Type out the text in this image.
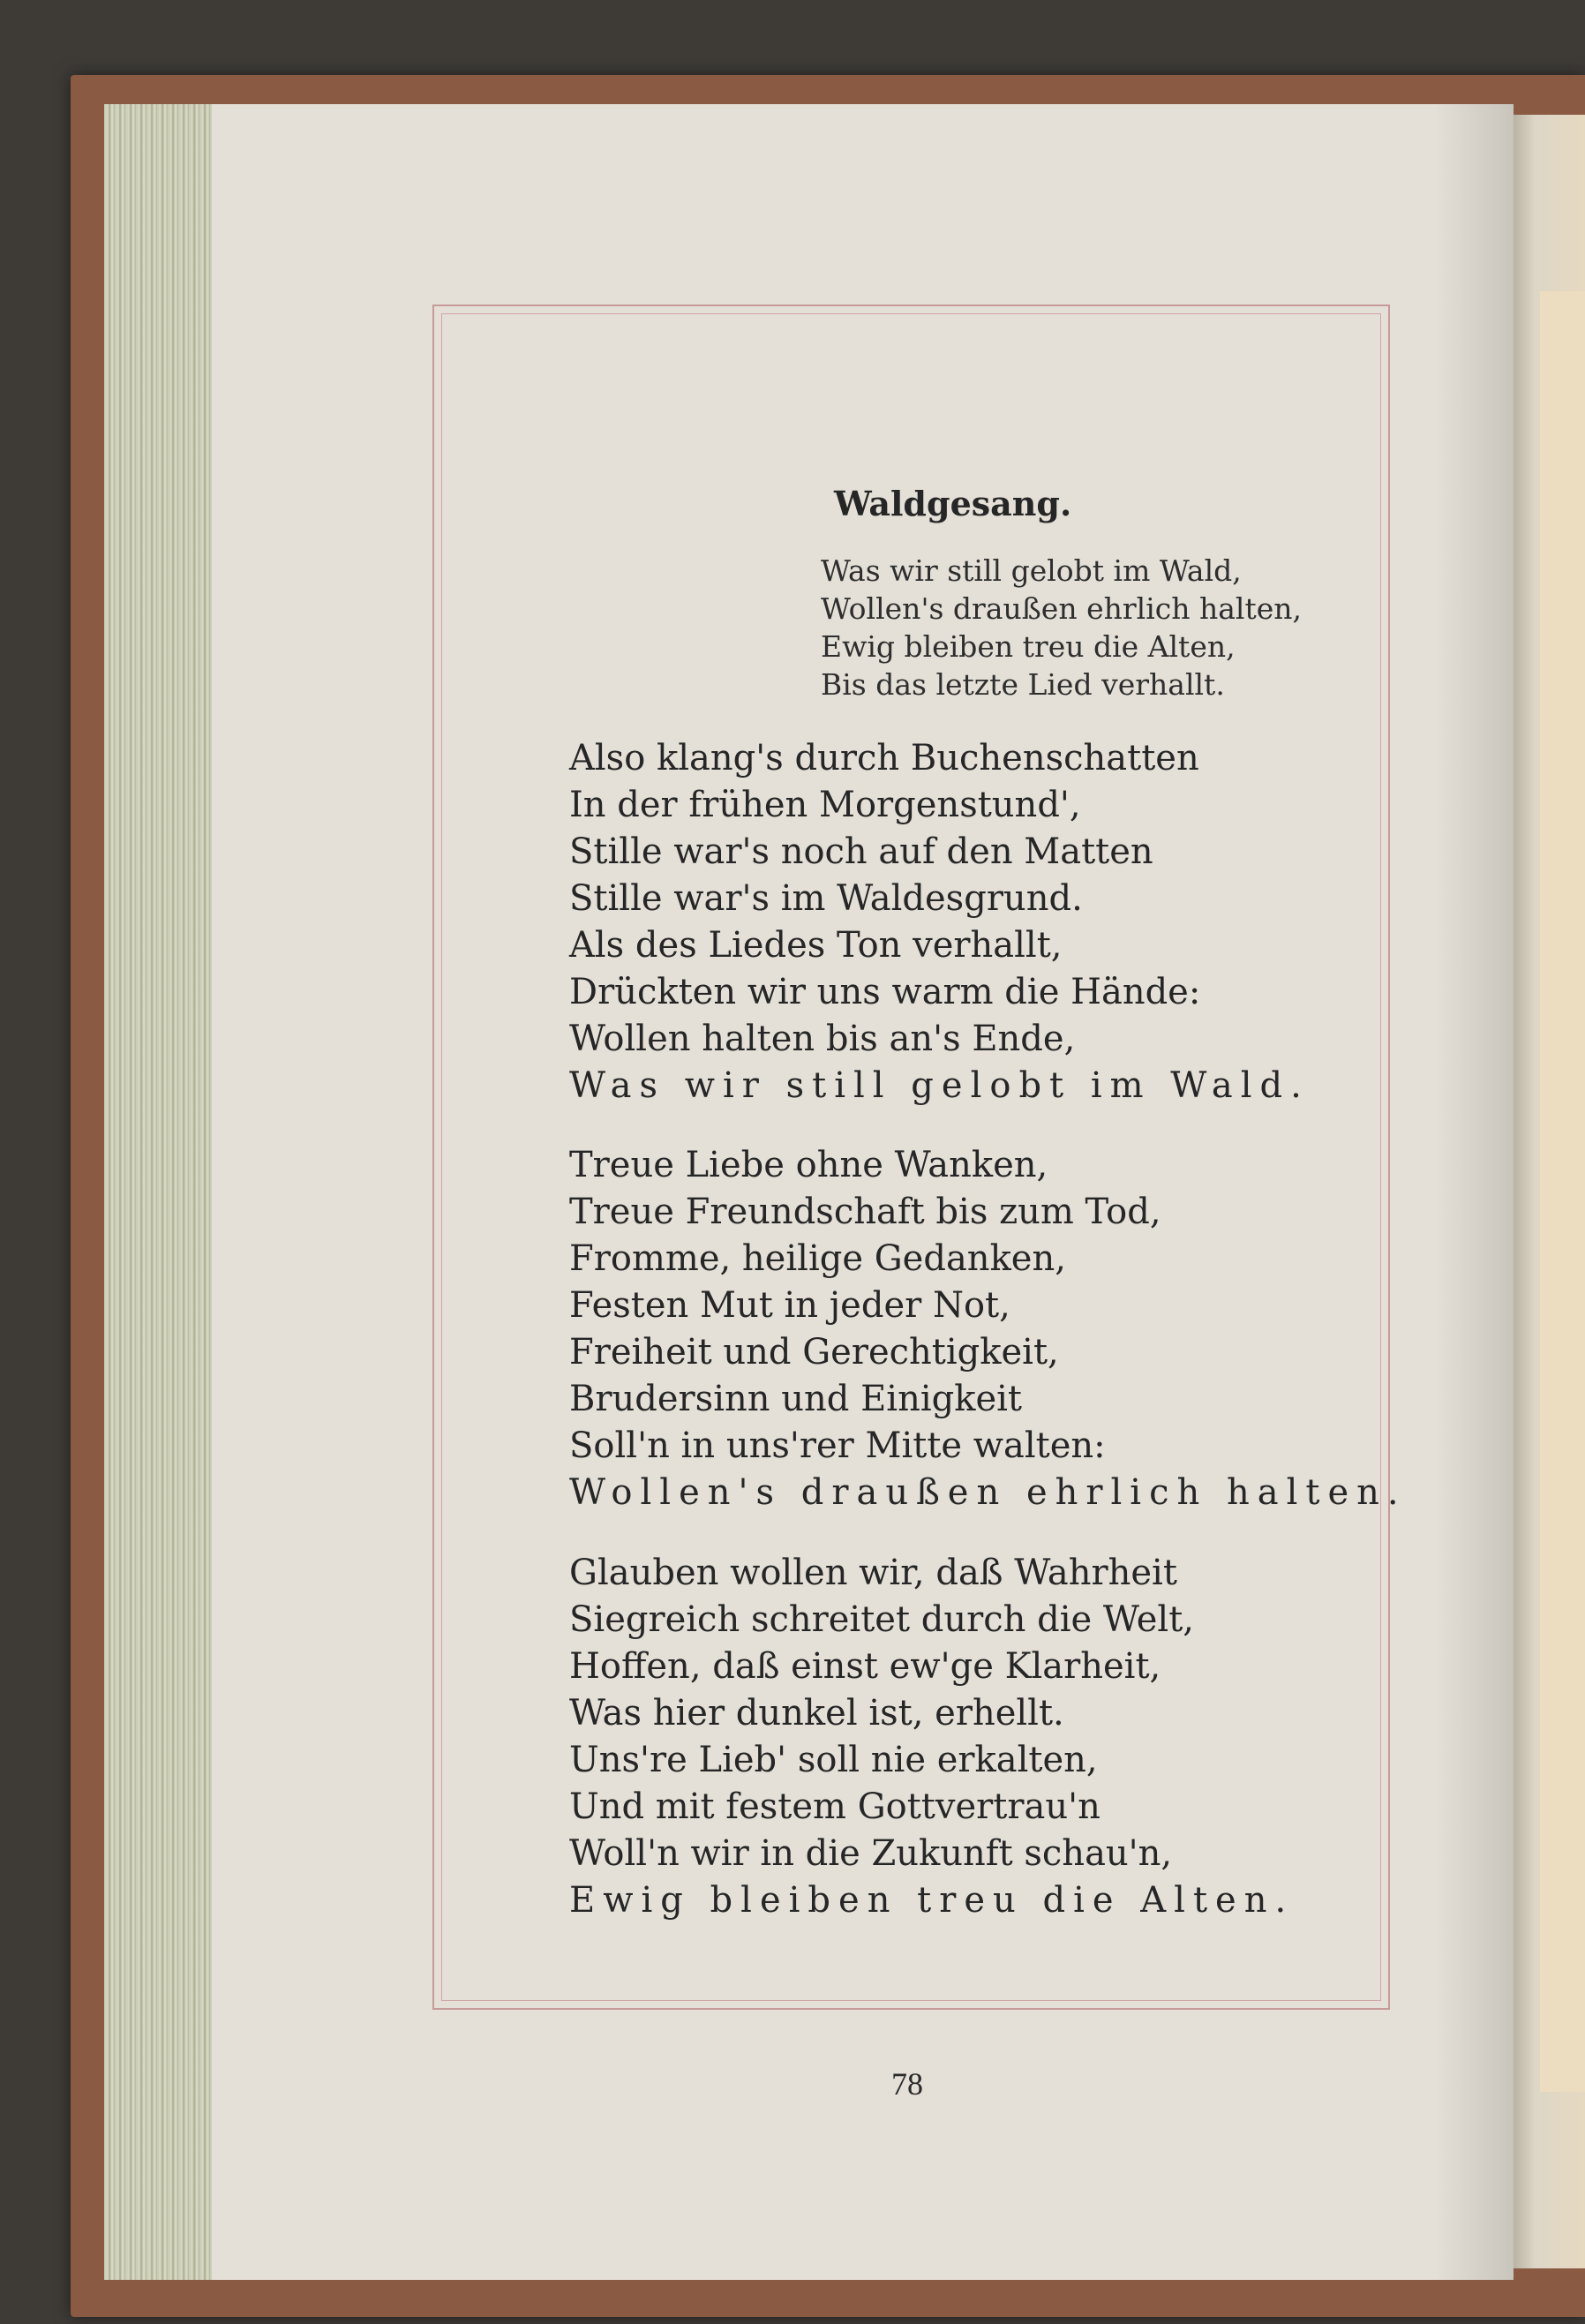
Waldgesang.
Was wir still gelobt im Wald,
Wollen's draußen ehrlich halten,
Ewig bleiben treu die Alten,
Bis das letzte Lied verhallt.
Also klang's durch Buchenschatten
In der frühen Morgenstund',
Stille war's noch auf den Matten
Stille war's im Waldesgrund.
Als des Liedes Ton verhallt,
Drückten wir uns warm die Hände:
Wollen halten bis an's Ende,
Was wir still gelobt im Wald.
Treue Liebe ohne Wanken,
Treue Freundschaft bis zum Tod,
Fromme, heilige Gedanken,
Festen Mut in jeder Not,
Freiheit und Gerechtigkeit,
Brudersinn und Einigkeit
Soll'n in uns'rer Mitte walten:
Wollen's draußen ehrlich halten.
Glauben wollen wir, daß Wahrheit
Siegreich schreitet durch die Welt,
Hoffen, daß einst ew'ge Klarheit,
Was hier dunkel ist, erhellt.
Uns're Lieb' soll nie erkalten,
Und mit festem Gottvertrau'n
Woll'n wir in die Zukunft schau'n,
Ewig bleiben treu die Alten.
78
